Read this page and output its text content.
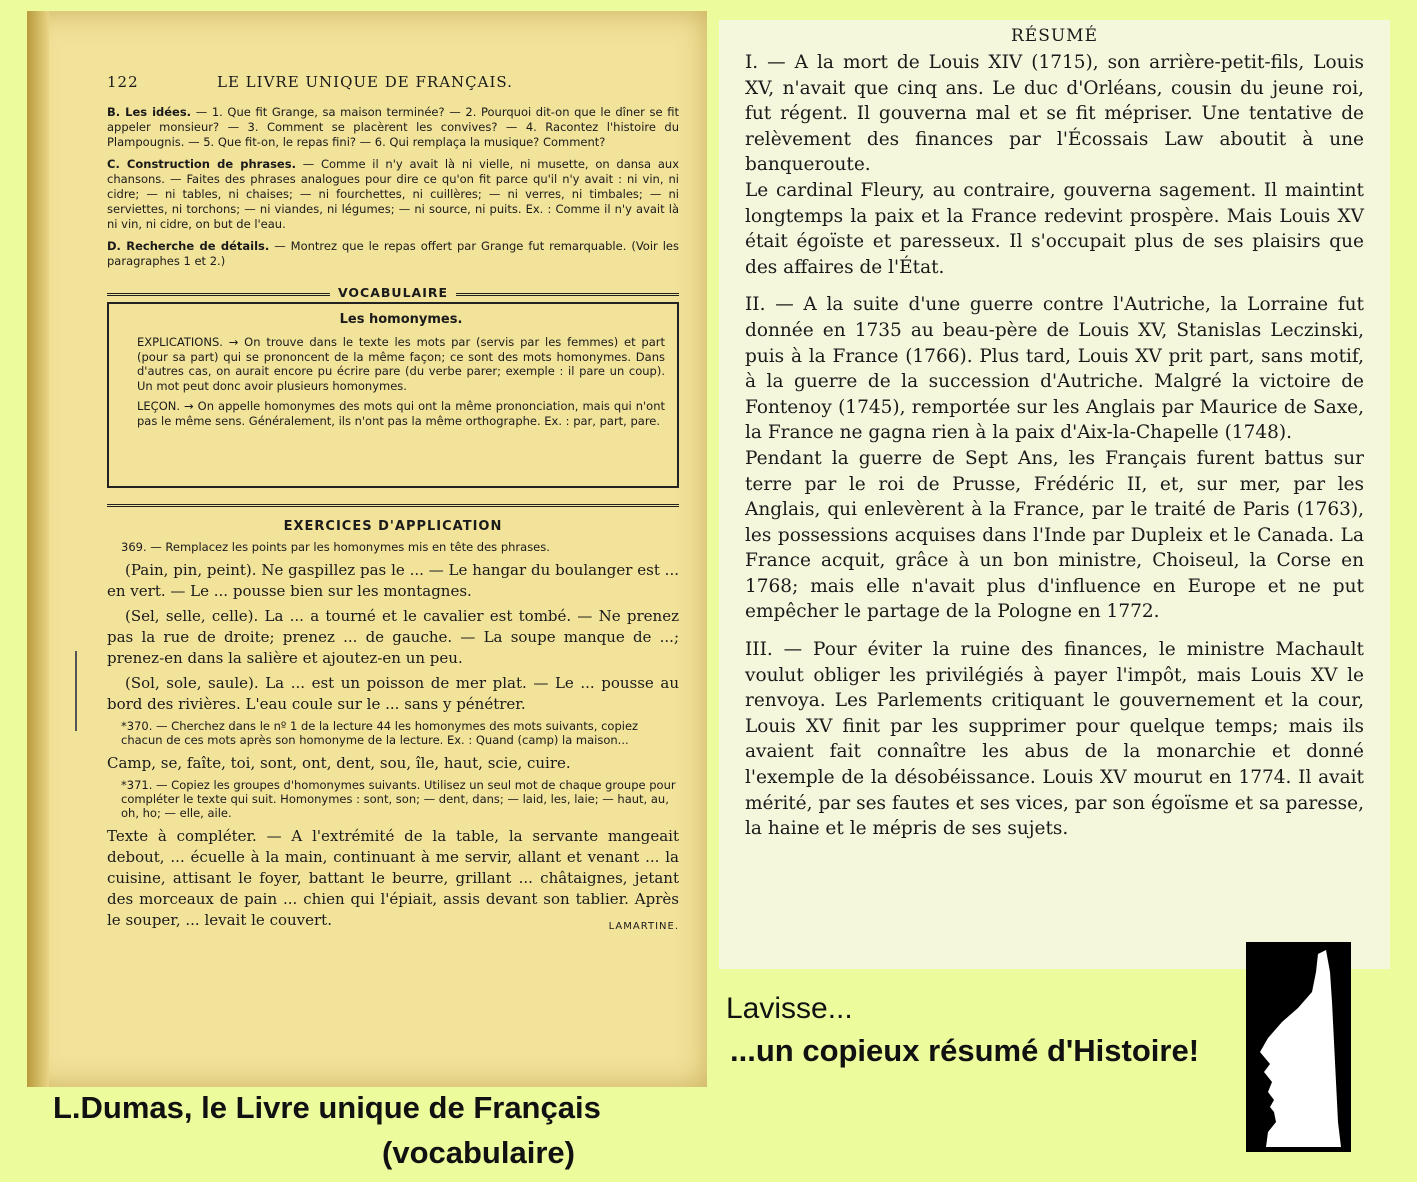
122	LE LIVRE UNIQUE DE FRANÇAIS.

B. Les idées. — 1. Que fit Grange, sa maison terminée? — 2. Pourquoi dit-on que le dîner se fit appeler monsieur? — 3. Comment se placèrent les convives? — 4. Racontez l'histoire du Plampougnis. — 5. Que fit-on, le repas fini? — 6. Qui remplaça la musique? Comment?

C. Construction de phrases. — Comme il n'y avait là ni vielle, ni musette, on dansa aux chansons. — Faites des phrases analogues pour dire ce qu'on fit parce qu'il n'y avait : ni vin, ni cidre; — ni tables, ni chaises; — ni fourchettes, ni cuillères; — ni verres, ni timbales; — ni serviettes, ni torchons; — ni viandes, ni légumes; — ni source, ni puits. Ex. : Comme il n'y avait là ni vin, ni cidre, on but de l'eau.

D. Recherche de détails. — Montrez que le repas offert par Grange fut remarquable. (Voir les paragraphes 1 et 2.)

VOCABULAIRE
Les homonymes.

EXPLICATIONS. → On trouve dans le texte les mots par (servis par les femmes) et part (pour sa part) qui se prononcent de la même façon; ce sont des mots homonymes. Dans d'autres cas, on aurait encore pu écrire pare (du verbe parer; exemple : il pare un coup). Un mot peut donc avoir plusieurs homonymes.

LEÇON. → On appelle homonymes des mots qui ont la même prononciation, mais qui n'ont pas le même sens. Généralement, ils n'ont pas la même orthographe. Ex. : par, part, pare.

EXERCICES D'APPLICATION

369. — Remplacez les points par les homonymes mis en tête des phrases.

(Pain, pin, peint). Ne gaspillez pas le ... — Le hangar du boulanger est ... en vert. — Le ... pousse bien sur les montagnes.

(Sel, selle, celle). La ... a tourné et le cavalier est tombé. — Ne prenez pas la rue de droite; prenez ... de gauche. — La soupe manque de ...; prenez-en dans la salière et ajoutez-en un peu.

(Sol, sole, saule). La ... est un poisson de mer plat. — Le ... pousse au bord des rivières. L'eau coule sur le ... sans y pénétrer.

*370. — Cherchez dans le nº 1 de la lecture 44 les homonymes des mots suivants, copiez chacun de ces mots après son homonyme de la lecture. Ex. : Quand (camp) la maison...

Camp, se, faîte, toi, sont, ont, dent, sou, île, haut, scie, cuire.

*371. — Copiez les groupes d'homonymes suivants. Utilisez un seul mot de chaque groupe pour compléter le texte qui suit. Homonymes : sont, son; — dent, dans; — laid, les, laie; — haut, au, oh, ho; — elle, aile.

Texte à compléter. — A l'extrémité de la table, la servante mangeait debout, ... écuelle à la main, continuant à me servir, allant et venant ... la cuisine, attisant le foyer, battant le beurre, grillant ... châtaignes, jetant des morceaux de pain ... chien qui l'épiait, assis devant son tablier. Après le souper, ... levait le couvert.	LAMARTINE.
RÉSUMÉ

I. — A la mort de Louis XIV (1715), son arrière-petit-fils, Louis XV, n'avait que cinq ans. Le duc d'Orléans, cousin du jeune roi, fut régent. Il gouverna mal et se fit mépriser. Une tentative de relèvement des finances par l'Écossais Law aboutit à une banqueroute.

Le cardinal Fleury, au contraire, gouverna sagement. Il maintint longtemps la paix et la France redevint prospère. Mais Louis XV était égoïste et paresseux. Il s'occupait plus de ses plaisirs que des affaires de l'État.

II. — A la suite d'une guerre contre l'Autriche, la Lorraine fut donnée en 1735 au beau-père de Louis XV, Stanislas Leczinski, puis à la France (1766). Plus tard, Louis XV prit part, sans motif, à la guerre de la succession d'Autriche. Malgré la victoire de Fontenoy (1745), remportée sur les Anglais par Maurice de Saxe, la France ne gagna rien à la paix d'Aix-la-Chapelle (1748).

Pendant la guerre de Sept Ans, les Français furent battus sur terre par le roi de Prusse, Frédéric II, et, sur mer, par les Anglais, qui enlevèrent à la France, par le traité de Paris (1763), les possessions acquises dans l'Inde par Dupleix et le Canada. La France acquit, grâce à un bon ministre, Choiseul, la Corse en 1768; mais elle n'avait plus d'influence en Europe et ne put empêcher le partage de la Pologne en 1772.

III. — Pour éviter la ruine des finances, le ministre Machault voulut obliger les privilégiés à payer l'impôt, mais Louis XV le renvoya. Les Parlements critiquant le gouvernement et la cour, Louis XV finit par les supprimer pour quelque temps; mais ils avaient fait connaître les abus de la monarchie et donné l'exemple de la désobéissance. Louis XV mourut en 1774. Il avait mérité, par ses fautes et ses vices, par son égoïsme et sa paresse, la haine et le mépris de ses sujets.

L.Dumas, le Livre unique de Français

(vocabulaire)

Lavisse...

...un copieux résumé d'Histoire!
